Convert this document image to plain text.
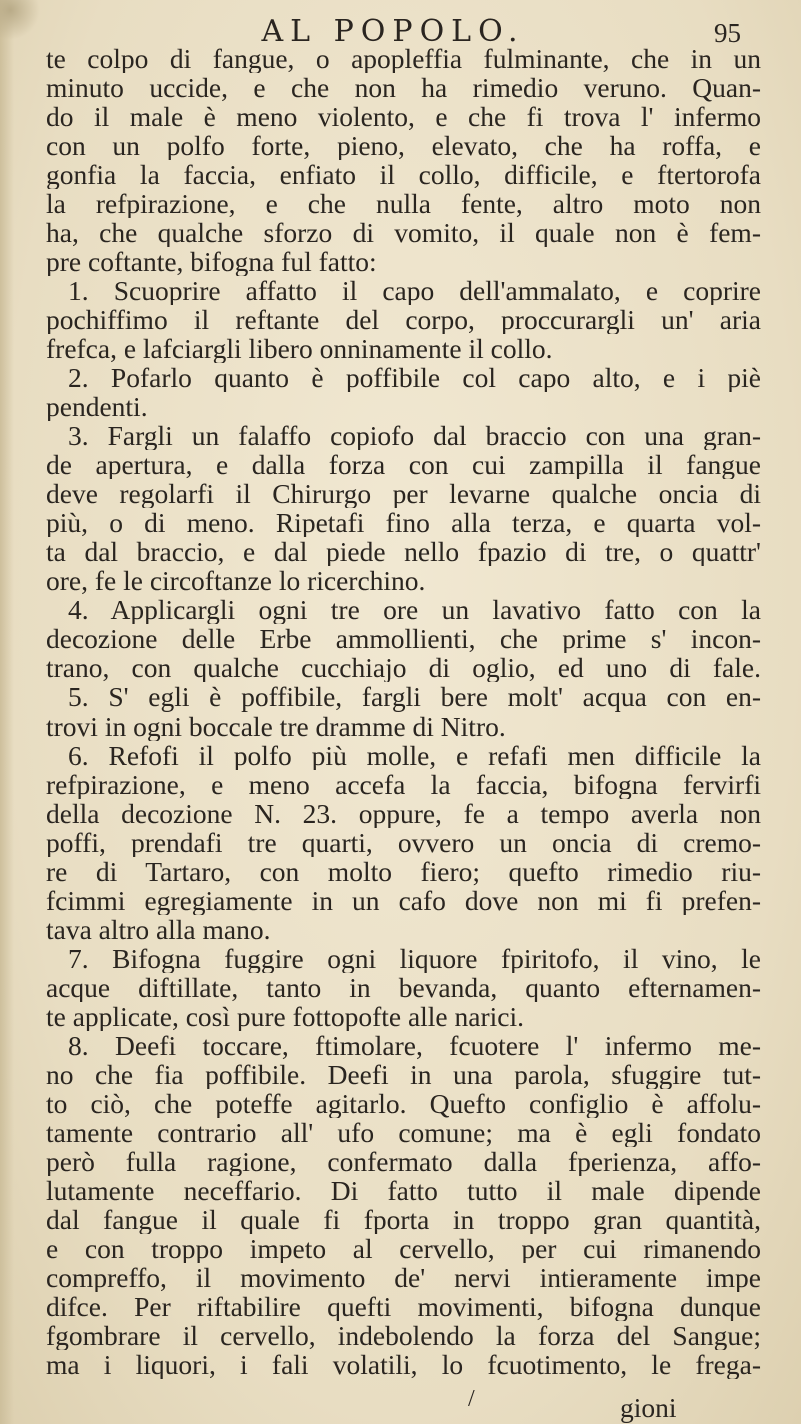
AL POPOLO.	95
te colpo di fangue, o apopleffia fulminante, che in un
minuto uccide, e che non ha rimedio veruno. Quan-
do il male è meno violento, e che fi trova l' infermo
con un polfo forte, pieno, elevato, che ha roffa, e
gonfia la faccia, enfiato il collo, difficile, e ftertorofa
la refpirazione, e che nulla fente, altro moto non
ha, che qualche sforzo di vomito, il quale non è fem-
pre coftante, bifogna ful fatto:
1. Scuoprire affatto il capo dell'ammalato, e coprire
pochiffimo il reftante del corpo, proccurargli un' aria
frefca, e lafciargli libero onninamente il collo.
2. Pofarlo quanto è poffibile col capo alto, e i piè
pendenti.
3. Fargli un falaffo copiofo dal braccio con una gran-
de apertura, e dalla forza con cui zampilla il fangue
deve regolarfi il Chirurgo per levarne qualche oncia di
più, o di meno. Ripetafi fino alla terza, e quarta vol-
ta dal braccio, e dal piede nello fpazio di tre, o quattr'
ore, fe le circoftanze lo ricerchino.
4. Applicargli ogni tre ore un lavativo fatto con la
decozione delle Erbe ammollienti, che prime s' incon-
trano, con qualche cucchiajo di oglio, ed uno di fale.
5. S' egli è poffibile, fargli bere molt' acqua con en-
trovi in ogni boccale tre dramme di Nitro.
6. Refofi il polfo più molle, e refafi men difficile la
refpirazione, e meno accefa la faccia, bifogna fervirfi
della decozione N. 23. oppure, fe a tempo averla non
poffi, prendafi tre quarti, ovvero un oncia di cremo-
re di Tartaro, con molto fiero; quefto rimedio riu-
fcimmi egregiamente in un cafo dove non mi fi prefen-
tava altro alla mano.
7. Bifogna fuggire ogni liquore fpiritofo, il vino, le
acque diftillate, tanto in bevanda, quanto efternamen-
te applicate, così pure fottopofte alle narici.
8. Deefi toccare, ftimolare, fcuotere l' infermo me-
no che fia poffibile. Deefi in una parola, sfuggire tut-
to ciò, che poteffe agitarlo. Quefto configlio è affolu-
tamente contrario all' ufo comune; ma è egli fondato
però fulla ragione, confermato dalla fperienza, affo-
lutamente neceffario. Di fatto tutto il male dipende
dal fangue il quale fi fporta in troppo gran quantità,
e con troppo impeto al cervello, per cui rimanendo
compreffo, il movimento de' nervi intieramente impe
difce. Per riftabilire quefti movimenti, bifogna dunque
fgombrare il cervello, indebolendo la forza del Sangue;
ma i liquori, i fali volatili, lo fcuotimento, le frega-
/	gioni
